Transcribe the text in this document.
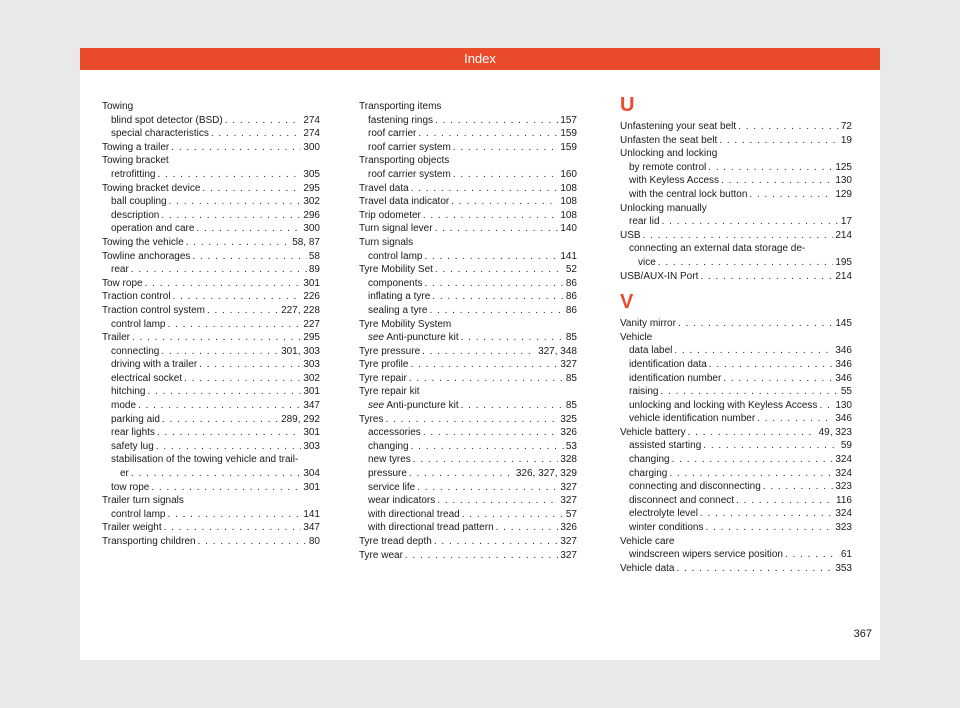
Index
Towing
blind spot detector (BSD) . . .	274
special characteristics . . .	274
Towing a trailer . . .	300
Towing bracket
retrofitting . . .	305
Towing bracket device . . .	295
ball coupling . . .	302
description . . .	296
operation and care . . .	300
Towing the vehicle . . .	58, 87
Towline anchorages . . .	58
rear . . .	89
Tow rope . . .	301
Traction control . . .	226
Traction control system . . .	227, 228
control lamp . . .	227
Trailer . . .	295
connecting . . .	301, 303
driving with a trailer . . .	303
electrical socket . . .	302
hitching . . .	301
mode . . .	347
parking aid . . .	289, 292
rear lights . . .	301
safety lug . . .	303
stabilisation of the towing vehicle and trail-
er . . .	304
tow rope . . .	301
Trailer turn signals
control lamp . . .	141
Trailer weight . . .	347
Transporting children . . .	80
Transporting items
fastening rings . . .	157
roof carrier . . .	159
roof carrier system . . .	159
Transporting objects
roof carrier system . . .	160
Travel data . . .	108
Travel data indicator . . .	108
Trip odometer . . .	108
Turn signal lever . . .	140
Turn signals
control lamp . . .	141
Tyre Mobility Set . . .	52
components . . .	86
inflating a tyre . . .	86
sealing a tyre . . .	86
Tyre Mobility System
see Anti-puncture kit . . .	85
Tyre pressure . . .	327, 348
Tyre profile . . .	327
Tyre repair . . .	85
Tyre repair kit
see Anti-puncture kit . . .	85
Tyres . . .	325
accessories . . .	326
changing . . .	53
new tyres . . .	328
pressure . . .	326, 327, 329
service life . . .	327
wear indicators . . .	327
with directional tread . . .	57
with directional tread pattern . . .	326
Tyre tread depth . . .	327
Tyre wear . . .	327
U
Unfastening your seat belt . . .	72
Unfasten the seat belt . . .	19
Unlocking and locking
by remote control . . .	125
with Keyless Access . . .	130
with the central lock button . . .	129
Unlocking manually
rear lid . . .	17
USB . . .	214
connecting an external data storage de-
vice . . .	195
USB/AUX-IN Port . . .	214
V
Vanity mirror . . .	145
Vehicle
data label . . .	346
identification data . . .	346
identification number . . .	346
raising . . .	55
unlocking and locking with Keyless Access . . . 130
vehicle identification number . . .	346
Vehicle battery . . .	49, 323
assisted starting . . .	59
changing . . .	324
charging . . .	324
connecting and disconnecting . . .	323
disconnect and connect . . .	116
electrolyte level . . .	324
winter conditions . . .	323
Vehicle care
windscreen wipers service position . . .	61
Vehicle data . . .	353
367
